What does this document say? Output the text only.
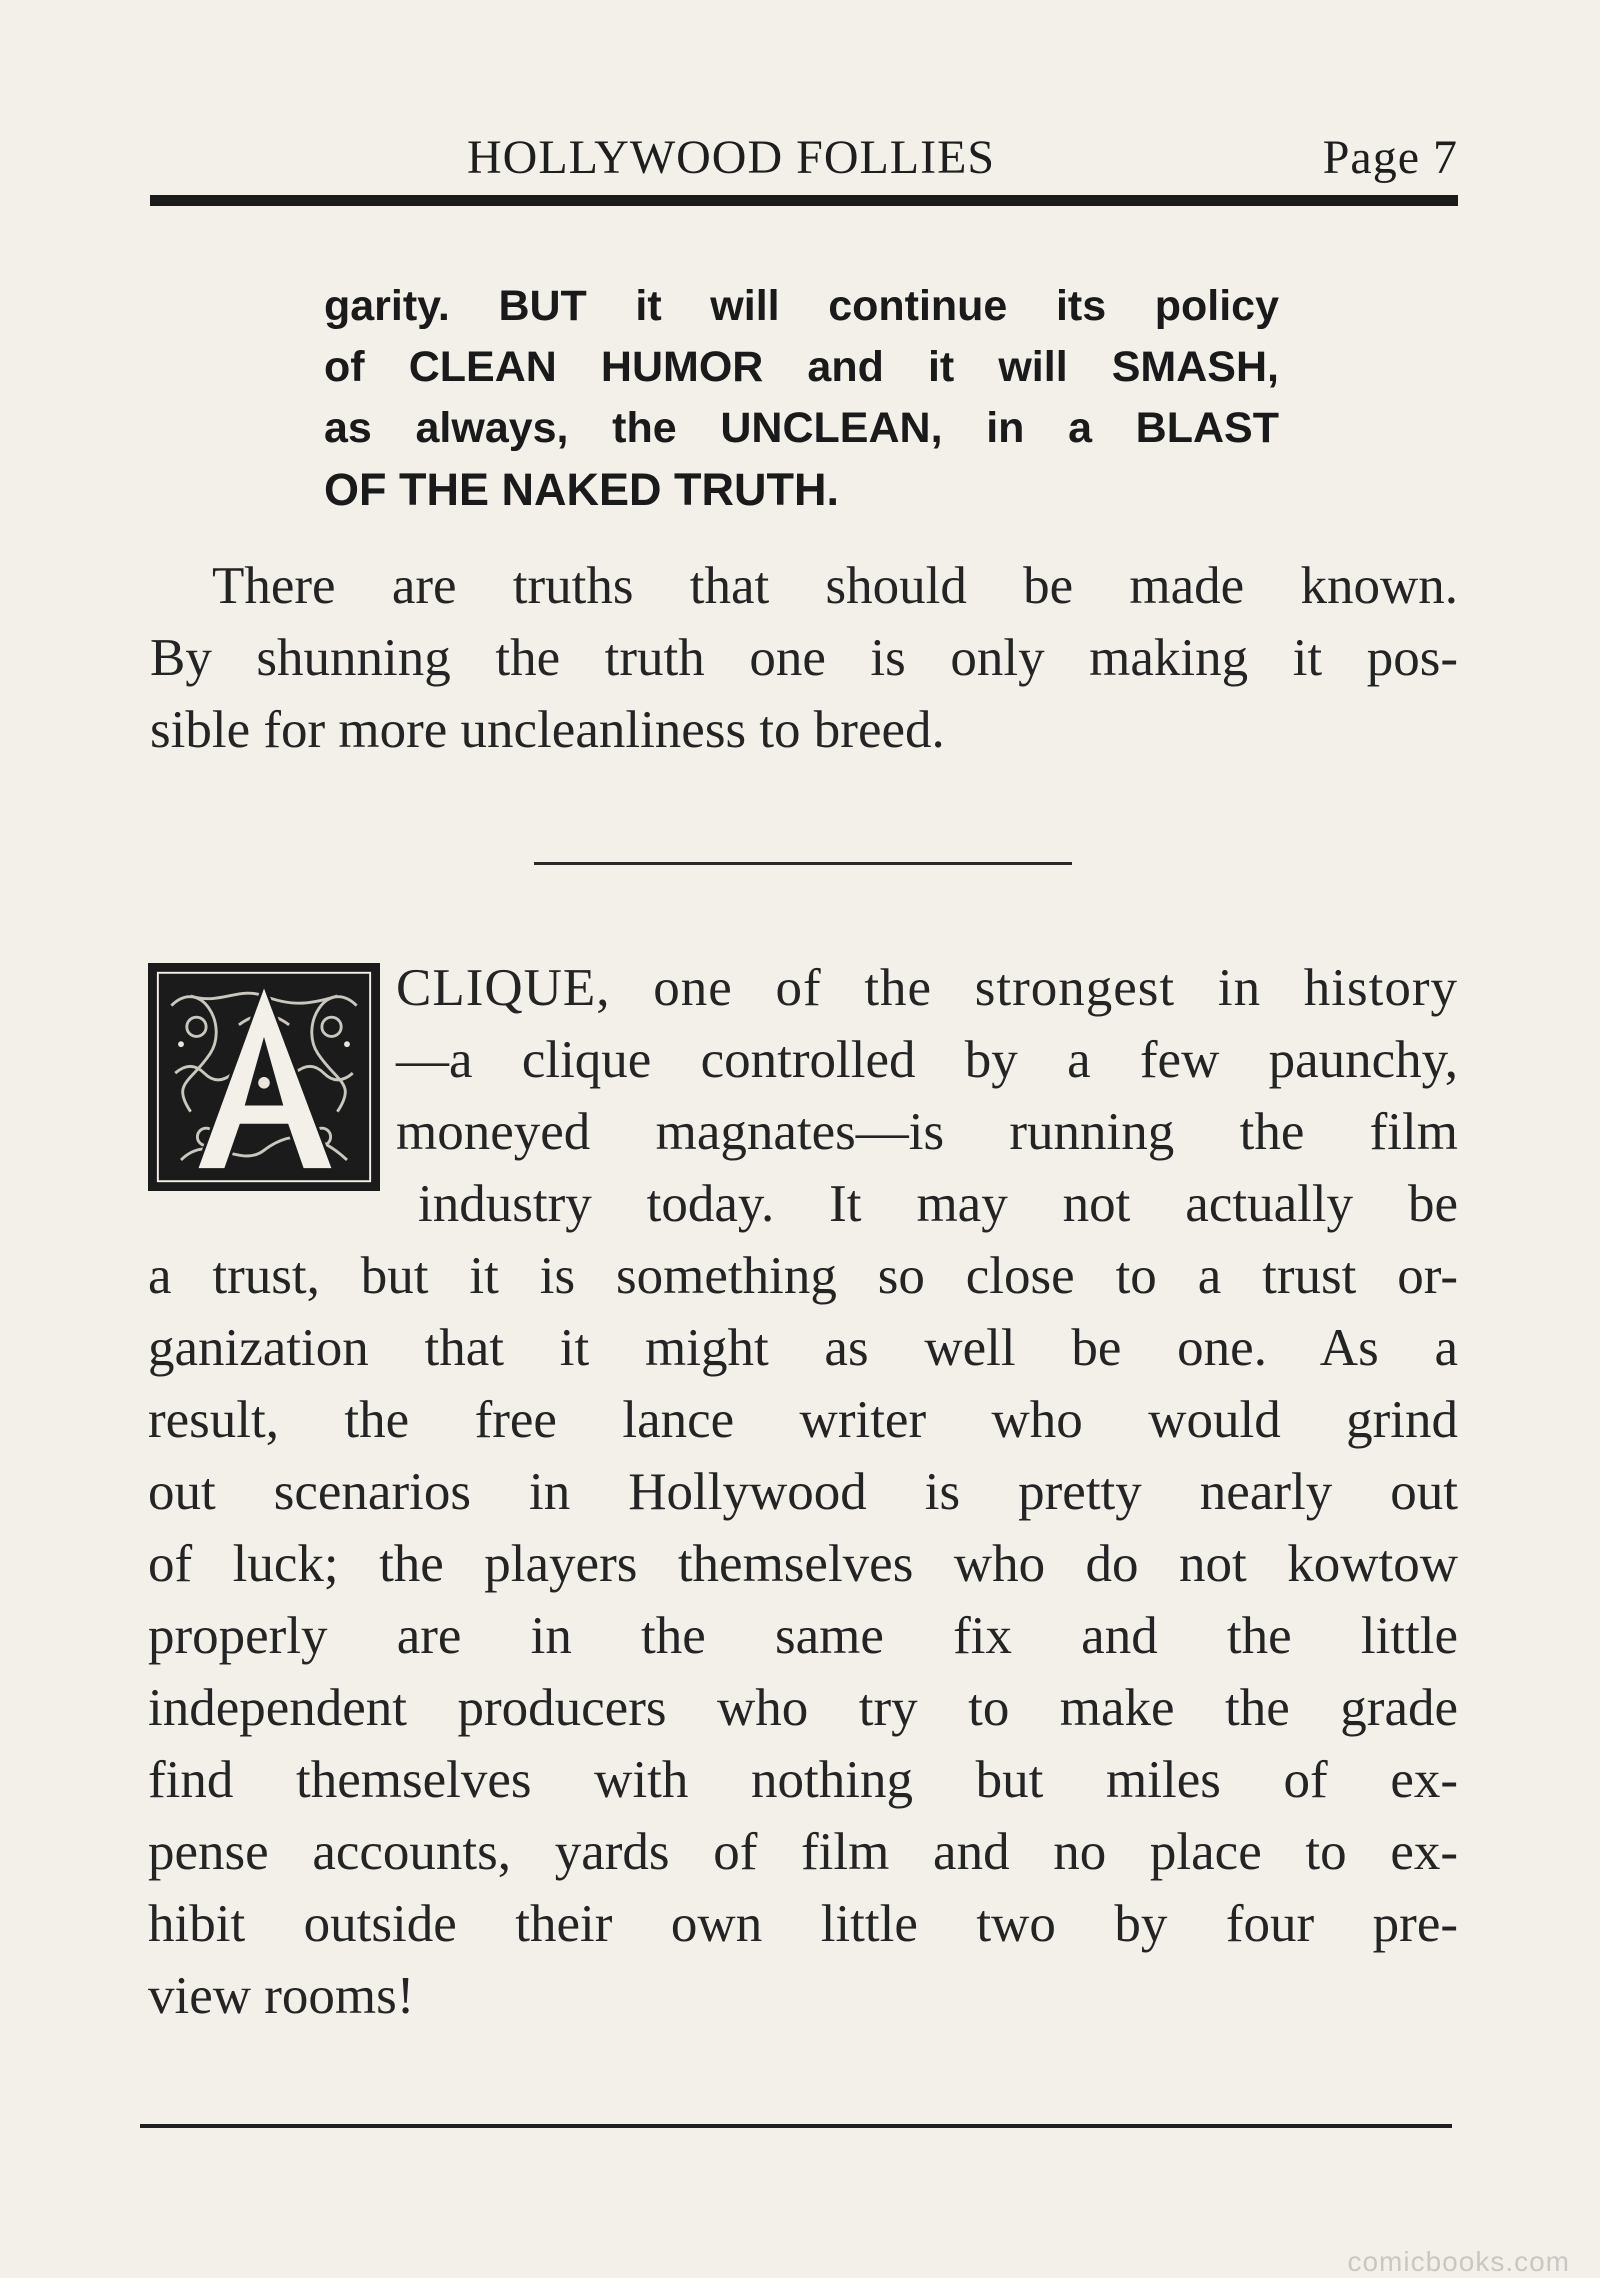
HOLLYWOOD FOLLIES	Page 7
garity. BUT it will continue its policy
of CLEAN HUMOR and it will SMASH,
as always, the UNCLEAN, in a BLAST
OF THE NAKED TRUTH.
There are truths that should be made known.
By shunning the truth one is only making it pos-
sible for more uncleanliness to breed.
A
CLIQUE, one of the strongest in history
—a clique controlled by a few paunchy,
moneyed magnates—is running the film
industry today. It may not actually be
a trust, but it is something so close to a trust or-
ganization that it might as well be one. As a
result, the free lance writer who would grind
out scenarios in Hollywood is pretty nearly out
of luck; the players themselves who do not kowtow
properly are in the same fix and the little
independent producers who try to make the grade
find themselves with nothing but miles of ex-
pense accounts, yards of film and no place to ex-
hibit outside their own little two by four pre-
view rooms!
comicbooks.com
